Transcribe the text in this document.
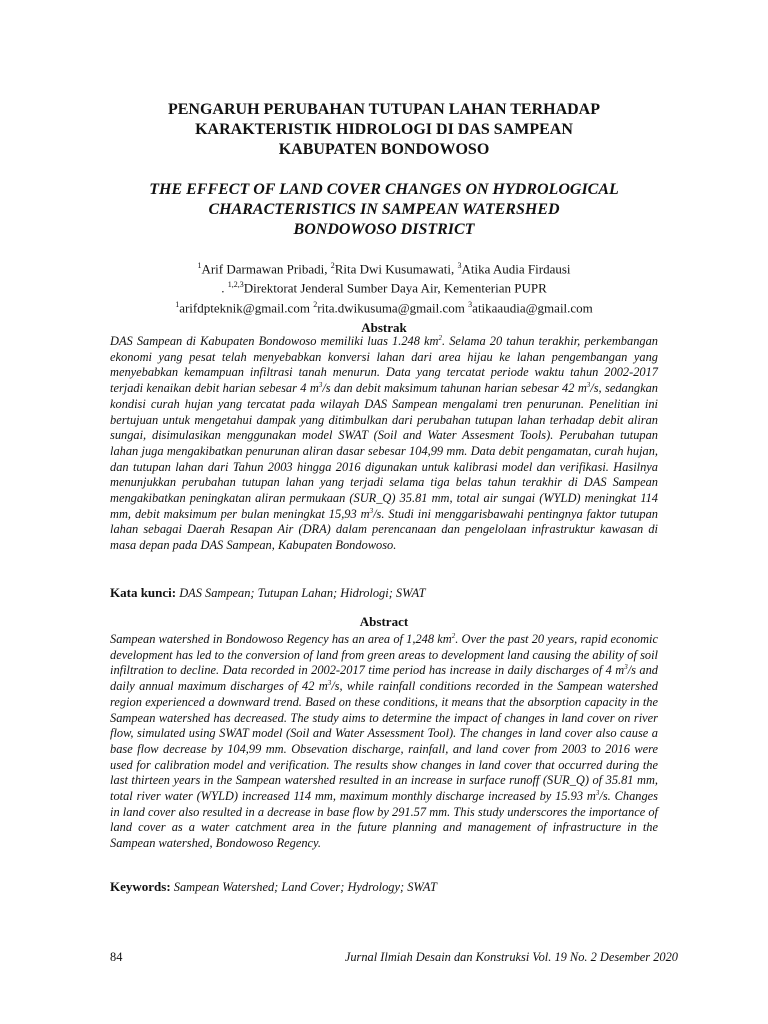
PENGARUH PERUBAHAN TUTUPAN LAHAN TERHADAP
KARAKTERISTIK HIDROLOGI DI DAS SAMPEAN
KABUPATEN BONDOWOSO
THE EFFECT OF LAND COVER CHANGES ON HYDROLOGICAL
CHARACTERISTICS IN SAMPEAN WATERSHED
BONDOWOSO DISTRICT
$^1$Arif Darmawan Pribadi, $^2$Rita Dwi Kusumawati, $^3$Atika Audia Firdausi
. $^{1,2,3}$Direktorat Jenderal Sumber Daya Air, Kementerian PUPR
$^1$arifdpteknik@gmail.com $^2$rita.dwikusuma@gmail.com $^3$atikaaudia@gmail.com
Abstrak
DAS Sampean di Kabupaten Bondowoso memiliki luas 1.248 $km^2$. Selama 20 tahun terakhir, perkembangan ekonomi yang pesat telah menyebabkan konversi lahan dari area hijau ke lahan pengembangan yang menyebabkan kemampuan infiltrasi tanah menurun. Data yang tercatat periode waktu tahun 2002-2017 terjadi kenaikan debit harian sebesar 4 $m^3/s$ dan debit maksimum tahunan harian sebesar 42 $m^3/s$, sedangkan kondisi curah hujan yang tercatat pada wilayah DAS Sampean mengalami tren penurunan. Penelitian ini bertujuan untuk mengetahui dampak yang ditimbulkan dari perubahan tutupan lahan terhadap debit aliran sungai, disimulasikan menggunakan model SWAT (Soil and Water Assesment Tools). Perubahan tutupan lahan juga mengakibatkan penurunan aliran dasar sebesar 104,99 mm. Data debit pengamatan, curah hujan, dan tutupan lahan dari Tahun 2003 hingga 2016 digunakan untuk kalibrasi model dan verifikasi. Hasilnya menunjukkan perubahan tutupan lahan yang terjadi selama tiga belas tahun terakhir di DAS Sampean mengakibatkan peningkatan aliran permukaan (SUR_Q) 35.81 mm, total air sungai (WYLD) meningkat 114 mm, debit maksimum per bulan meningkat 15,93 $m^3/s$. Studi ini menggarisbawahi pentingnya faktor tutupan lahan sebagai Daerah Resapan Air (DRA) dalam perencanaan dan pengelolaan infrastruktur kawasan di masa depan pada DAS Sampean, Kabupaten Bondowoso.
Kata kunci: DAS Sampean; Tutupan Lahan; Hidrologi; SWAT
Abstract
Sampean watershed in Bondowoso Regency has an area of 1,248 $km^2$. Over the past 20 years, rapid economic development has led to the conversion of land from green areas to development land causing the ability of soil infiltration to decline. Data recorded in 2002-2017 time period has increase in daily discharges of 4 $m^3/s$ and daily annual maximum discharges of 42 $m^3/s$, while rainfall conditions recorded in the Sampean watershed region experienced a downward trend. Based on these conditions, it means that the absorption capacity in the Sampean watershed has decreased. The study aims to determine the impact of changes in land cover on river flow, simulated using SWAT model (Soil and Water Assessment Tool). The changes in land cover also cause a base flow decrease by 104,99 mm. Obsevation discharge, rainfall, and land cover from 2003 to 2016 were used for calibration model and verification. The results show changes in land cover that occurred during the last thirteen years in the Sampean watershed resulted in an increase in surface runoff (SUR_Q) of 35.81 mm, total river water (WYLD) increased 114 mm, maximum monthly discharge increased by 15.93 $m^3/s$. Changes in land cover also resulted in a decrease in base flow by 291.57 mm. This study underscores the importance of land cover as a water catchment area in the future planning and management of infrastructure in the Sampean watershed, Bondowoso Regency.
Keywords: Sampean Watershed; Land Cover; Hydrology; SWAT
84	Jurnal Ilmiah Desain dan Konstruksi Vol. 19 No. 2 Desember 2020
